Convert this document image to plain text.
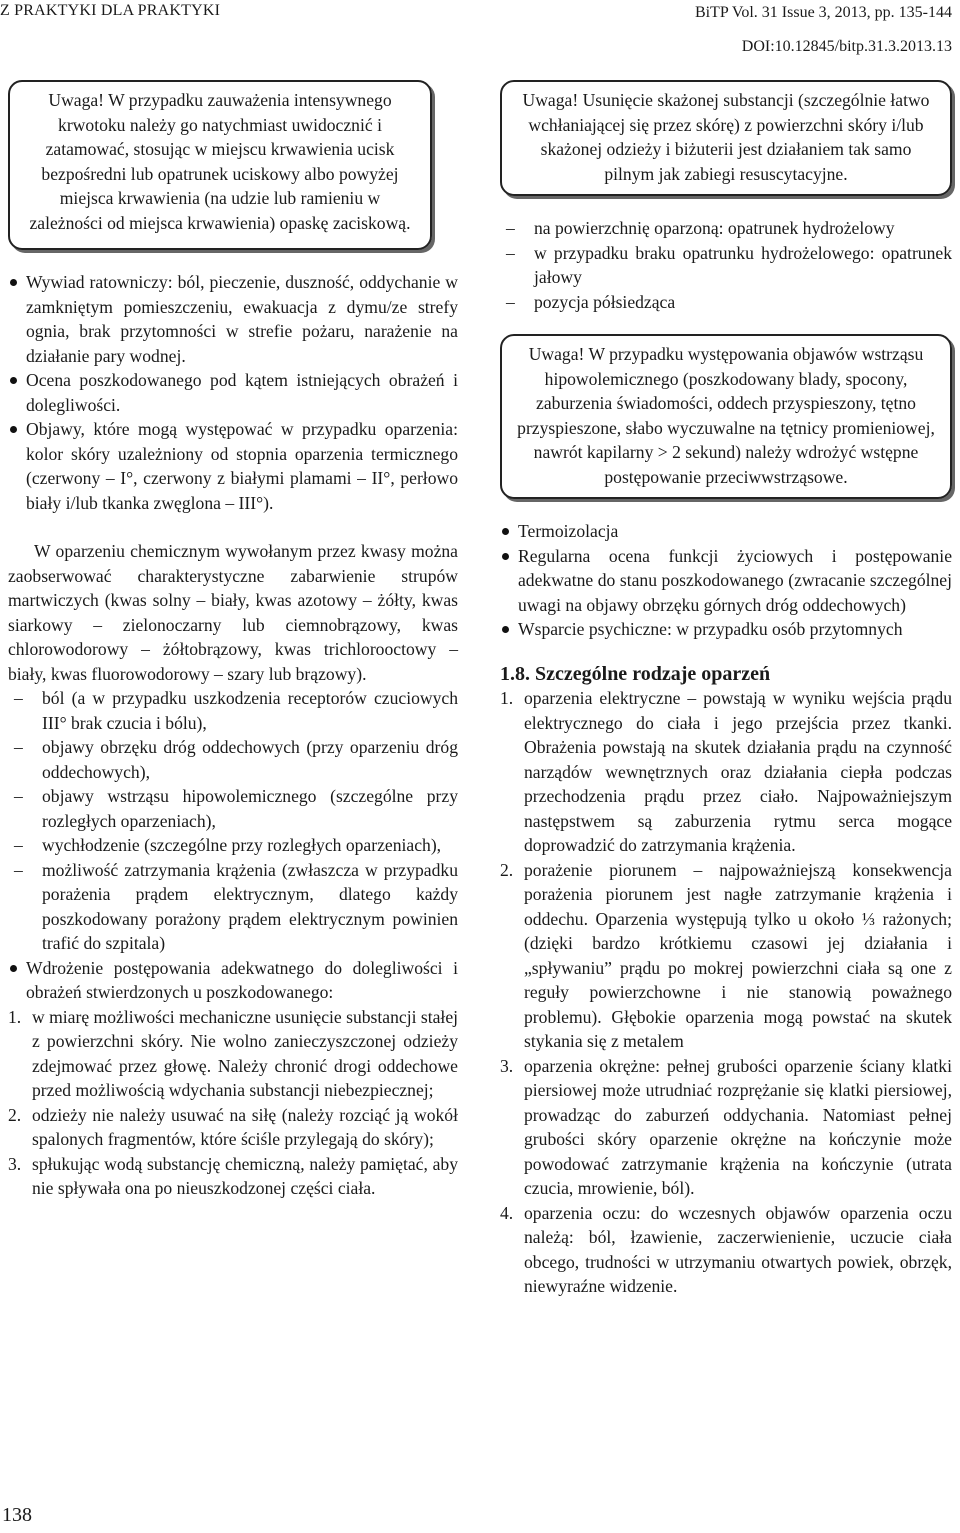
Z PRAKTYKI DLA PRAKTYKI	BiTP Vol. 31 Issue 3, 2013, pp. 135-144
DOI:10.12845/bitp.31.3.2013.13
Uwaga! W przypadku zauważenia intensywnego krwotoku należy go natychmiast uwidocznić i zatamować, stosując w miejscu krwawienia ucisk bezpośredni lub opatrunek uciskowy albo powyżej miejsca krwawienia (na udzie lub ramieniu w zależności od miejsca krwawienia) opaskę zaciskową.
Wywiad ratowniczy: ból, pieczenie, duszność, oddychanie w zamkniętym pomieszczeniu, ewakuacja z dymu/ze strefy ognia, brak przytomności w strefie pożaru, narażenie na działanie pary wodnej.
Ocena poszkodowanego pod kątem istniejących obrażeń i dolegliwości.
Objawy, które mogą występować w przypadku oparzenia: kolor skóry uzależniony od stopnia oparzenia termicznego (czerwony – I°, czerwony z białymi plamami – II°, perłowo biały i/lub tkanka zwęglona – III°).

W oparzeniu chemicznym wywołanym przez kwasy można zaobserwować charakterystyczne zabarwienie strupów martwiczych (kwas solny – biały, kwas azotowy – żółty, kwas siarkowy – zielonoczarny lub ciemnobrązowy, kwas chlorowodorowy – żółtobrązowy, kwas trichlorooctowy – biały, kwas fluorowodorowy – szary lub brązowy).

– ból (a w przypadku uszkodzenia receptorów czuciowych III° brak czucia i bólu),
– objawy obrzęku dróg oddechowych (przy oparzeniu dróg oddechowych),
– objawy wstrząsu hipowolemicznego (szczególne przy rozległych oparzeniach),
– wychłodzenie (szczególne przy rozległych oparzeniach),
– możliwość zatrzymania krążenia (zwłaszcza w przypadku porażenia prądem elektrycznym, dlatego każdy poszkodowany porażony prądem elektrycznym powinien trafić do szpitala)
Wdrożenie postępowania adekwatnego do dolegliwości i obrażeń stwierdzonych u poszkodowanego:
1. w miarę możliwości mechaniczne usunięcie substancji stałej z powierzchni skóry. Nie wolno zanieczyszczonej odzieży zdejmować przez głowę. Należy chronić drogi oddechowe przed możliwością wdychania substancji niebezpiecznej;
2. odzieży nie należy usuwać na siłę (należy rozciąć ją wokół spalonych fragmentów, które ściśle przylegają do skóry);
3. spłukując wodą substancję chemiczną, należy pamiętać, aby nie spływała ona po nieuszkodzonej części ciała.
Uwaga! Usunięcie skażonej substancji (szczególnie łatwo wchłaniającej się przez skórę) z powierzchni skóry i/lub skażonej odzieży i biżuterii jest działaniem tak samo pilnym jak zabiegi resuscytacyjne.
– na powierzchnię oparzoną: opatrunek hydrożelowy
– w przypadku braku opatrunku hydrożelowego: opatrunek jałowy
– pozycja półsiedząca
Uwaga! W przypadku występowania objawów wstrząsu hipowolemicznego (poszkodowany blady, spocony, zaburzenia świadomości, oddech przyspieszony, tętno przyspieszone, słabo wyczuwalne na tętnicy promieniowej, nawrót kapilarny > 2 sekund) należy wdrożyć wstępne postępowanie przeciwwstrząsowe.
Termoizolacja
Regularna ocena funkcji życiowych i postępowanie adekwatne do stanu poszkodowanego (zwracanie szczególnej uwagi na objawy obrzęku górnych dróg oddechowych)
Wsparcie psychiczne: w przypadku osób przytomnych
1.8. Szczególne rodzaje oparzeń
1. oparzenia elektryczne – powstają w wyniku wejścia prądu elektrycznego do ciała i jego przejścia przez tkanki. Obrażenia powstają na skutek działania prądu na czynność narządów wewnętrznych oraz działania ciepła podczas przechodzenia prądu przez ciało. Najpoważniejszym następstwem są zaburzenia rytmu serca mogące doprowadzić do zatrzymania krążenia.
2. porażenie piorunem – najpoważniejszą konsekwencja porażenia piorunem jest nagłe zatrzymanie krążenia i oddechu. Oparzenia występują tylko u około ⅓ rażonych; (dzięki bardzo krótkiemu czasowi jej działania i „spływaniu” prądu po mokrej powierzchni ciała są one z reguły powierzchowne i nie stanowią poważnego problemu). Głębokie oparzenia mogą powstać na skutek stykania się z metalem
3. oparzenia okrężne: pełnej grubości oparzenie ściany klatki piersiowej może utrudniać rozprężanie się klatki piersiowej, prowadząc do zaburzeń oddychania. Natomiast pełnej grubości skóry oparzenie okrężne na kończynie może powodować zatrzymanie krążenia na kończynie (utrata czucia, mrowienie, ból).
4. oparzenia oczu: do wczesnych objawów oparzenia oczu należą: ból, łzawienie, zaczerwienienie, uczucie ciała obcego, trudności w utrzymaniu otwartych powiek, obrzęk, niewyraźne widzenie.
138
